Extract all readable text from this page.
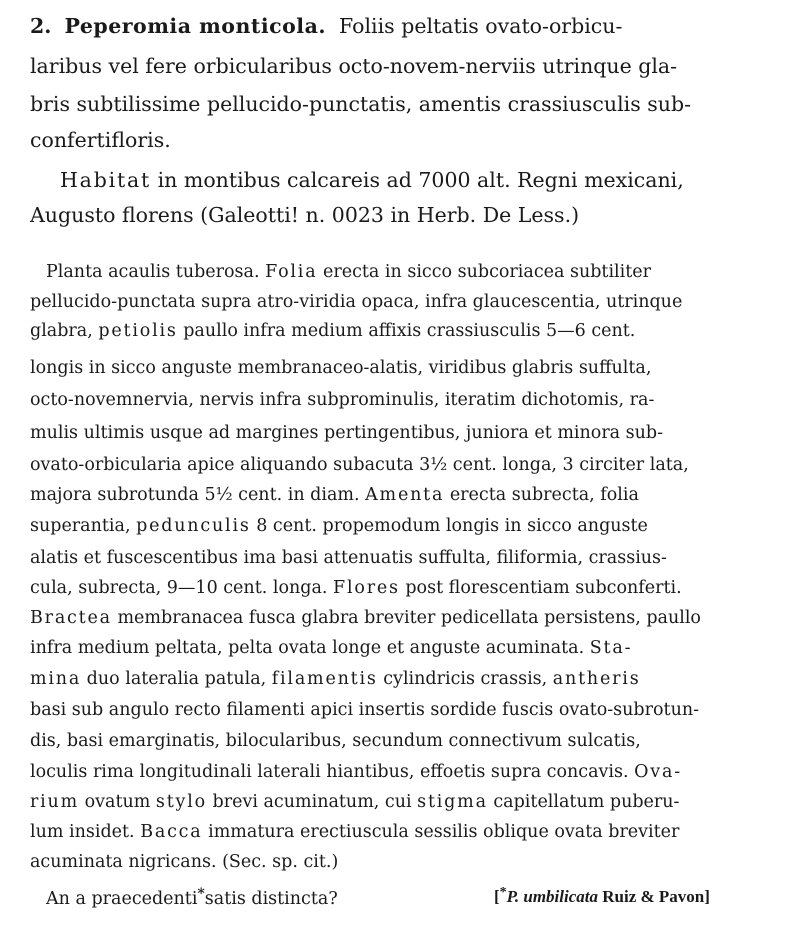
2. Peperomia monticola. Foliis peltatis ovato-orbicu-
laribus vel fere orbicularibus octo-novem-nerviis utrinque gla-
bris subtilissime pellucido-punctatis, amentis crassiusculis sub-
confertifloris.
Habitat in montibus calcareis ad 7000 alt. Regni mexicani,
Augusto florens (Galeotti! n. 0023 in Herb. De Less.)
Planta acaulis tuberosa. Folia erecta in sicco subcoriacea subtiliter
pellucido-punctata supra atro-viridia opaca, infra glaucescentia, utrinque
glabra, petiolis paullo infra medium affixis crassiusculis 5—6 cent.
longis in sicco anguste membranaceo-alatis, viridibus glabris suffulta,
octo-novemnervia, nervis infra subprominulis, iteratim dichotomis, ra-
mulis ultimis usque ad margines pertingentibus, juniora et minora sub-
ovato-orbicularia apice aliquando subacuta 3½ cent. longa, 3 circiter lata,
majora subrotunda 5½ cent. in diam. Amenta erecta subrecta, folia
superantia, pedunculis 8 cent. propemodum longis in sicco anguste
alatis et fuscescentibus ima basi attenuatis suffulta, filiformia, crassius-
cula, subrecta, 9—10 cent. longa. Flores post florescentiam subconferti.
Bractea membranacea fusca glabra breviter pedicellata persistens, paullo
infra medium peltata, pelta ovata longe et anguste acuminata. Sta-
mina duo lateralia patula, filamentis cylindricis crassis, antheris
basi sub angulo recto filamenti apici insertis sordide fuscis ovato-subrotun-
dis, basi emarginatis, bilocularibus, secundum connectivum sulcatis,
loculis rima longitudinali laterali hiantibus, effoetis supra concavis. Ova-
rium ovatum stylo brevi acuminatum, cui stigma capitellatum puberu-
lum insidet. Bacca immatura erectiuscula sessilis oblique ovata breviter
acuminata nigricans. (Sec. sp. cit.)
An a praecedenti*satis distincta?	[*P. umbilicata Ruiz & Pavon]
